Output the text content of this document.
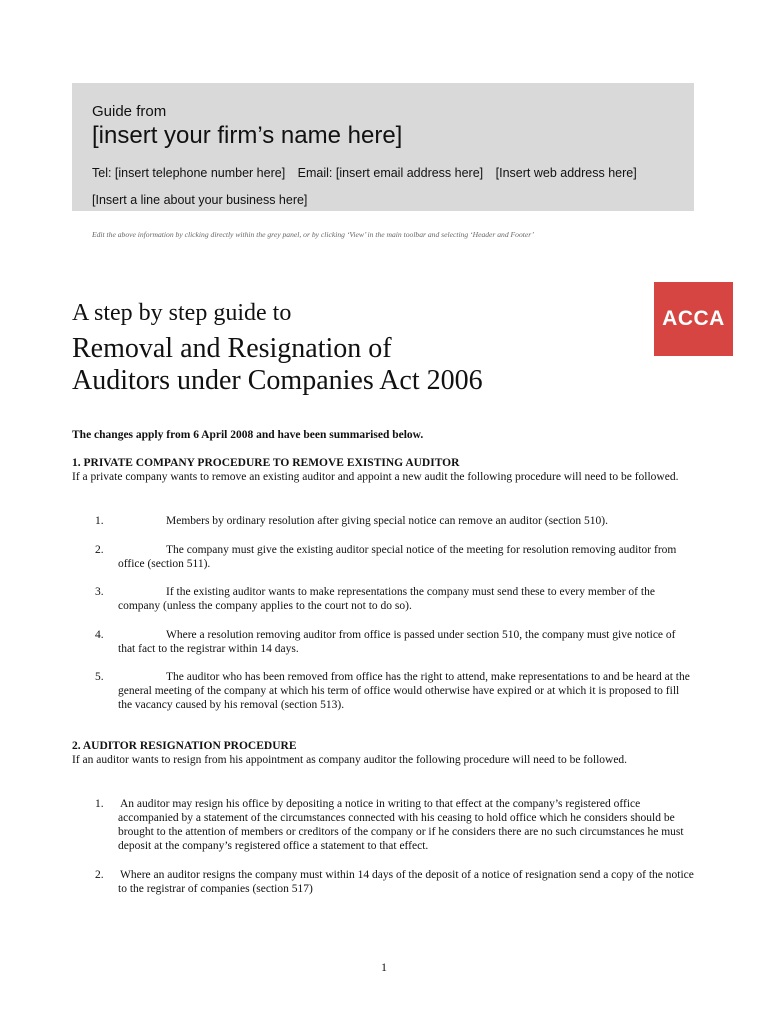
Guide from
[insert your firm’s name here]
Tel: [insert telephone number here] Email: [insert email address here] [Insert web address here]
[Insert a line about your business here]
Edit the above information by clicking directly within the grey panel, or by clicking ‘View’ in the main toolbar and selecting ‘Header and Footer’
ACCA
A step by step guide to
Removal and Resignation of
Auditors under Companies Act 2006
The changes apply from 6 April 2008 and have been summarised below.
1. PRIVATE COMPANY PROCEDURE TO REMOVE EXISTING AUDITOR
If a private company wants to remove an existing auditor and appoint a new audit the following procedure will need to be followed.
1.	Members by ordinary resolution after giving special notice can remove an auditor (section 510).
2.	The company must give the existing auditor special notice of the meeting for resolution removing auditor from office (section 511).
3.	If the existing auditor wants to make representations the company must send these to every member of the company (unless the company applies to the court not to do so).
4.	Where a resolution removing auditor from office is passed under section 510, the company must give notice of that fact to the registrar within 14 days.
5.	The auditor who has been removed from office has the right to attend, make representations to and be heard at the general meeting of the company at which his term of office would otherwise have expired or at which it is proposed to fill the vacancy caused by his removal (section 513).
2. AUDITOR RESIGNATION PROCEDURE
If an auditor wants to resign from his appointment as company auditor the following procedure will need to be followed.
1.	An auditor may resign his office by depositing a notice in writing to that effect at the company’s registered office accompanied by a statement of the circumstances connected with his ceasing to hold office which he considers should be brought to the attention of members or creditors of the company or if he considers there are no such circumstances he must deposit at the company’s registered office a statement to that effect.
2.	Where an auditor resigns the company must within 14 days of the deposit of a notice of resignation send a copy of the notice to the registrar of companies (section 517)
1
